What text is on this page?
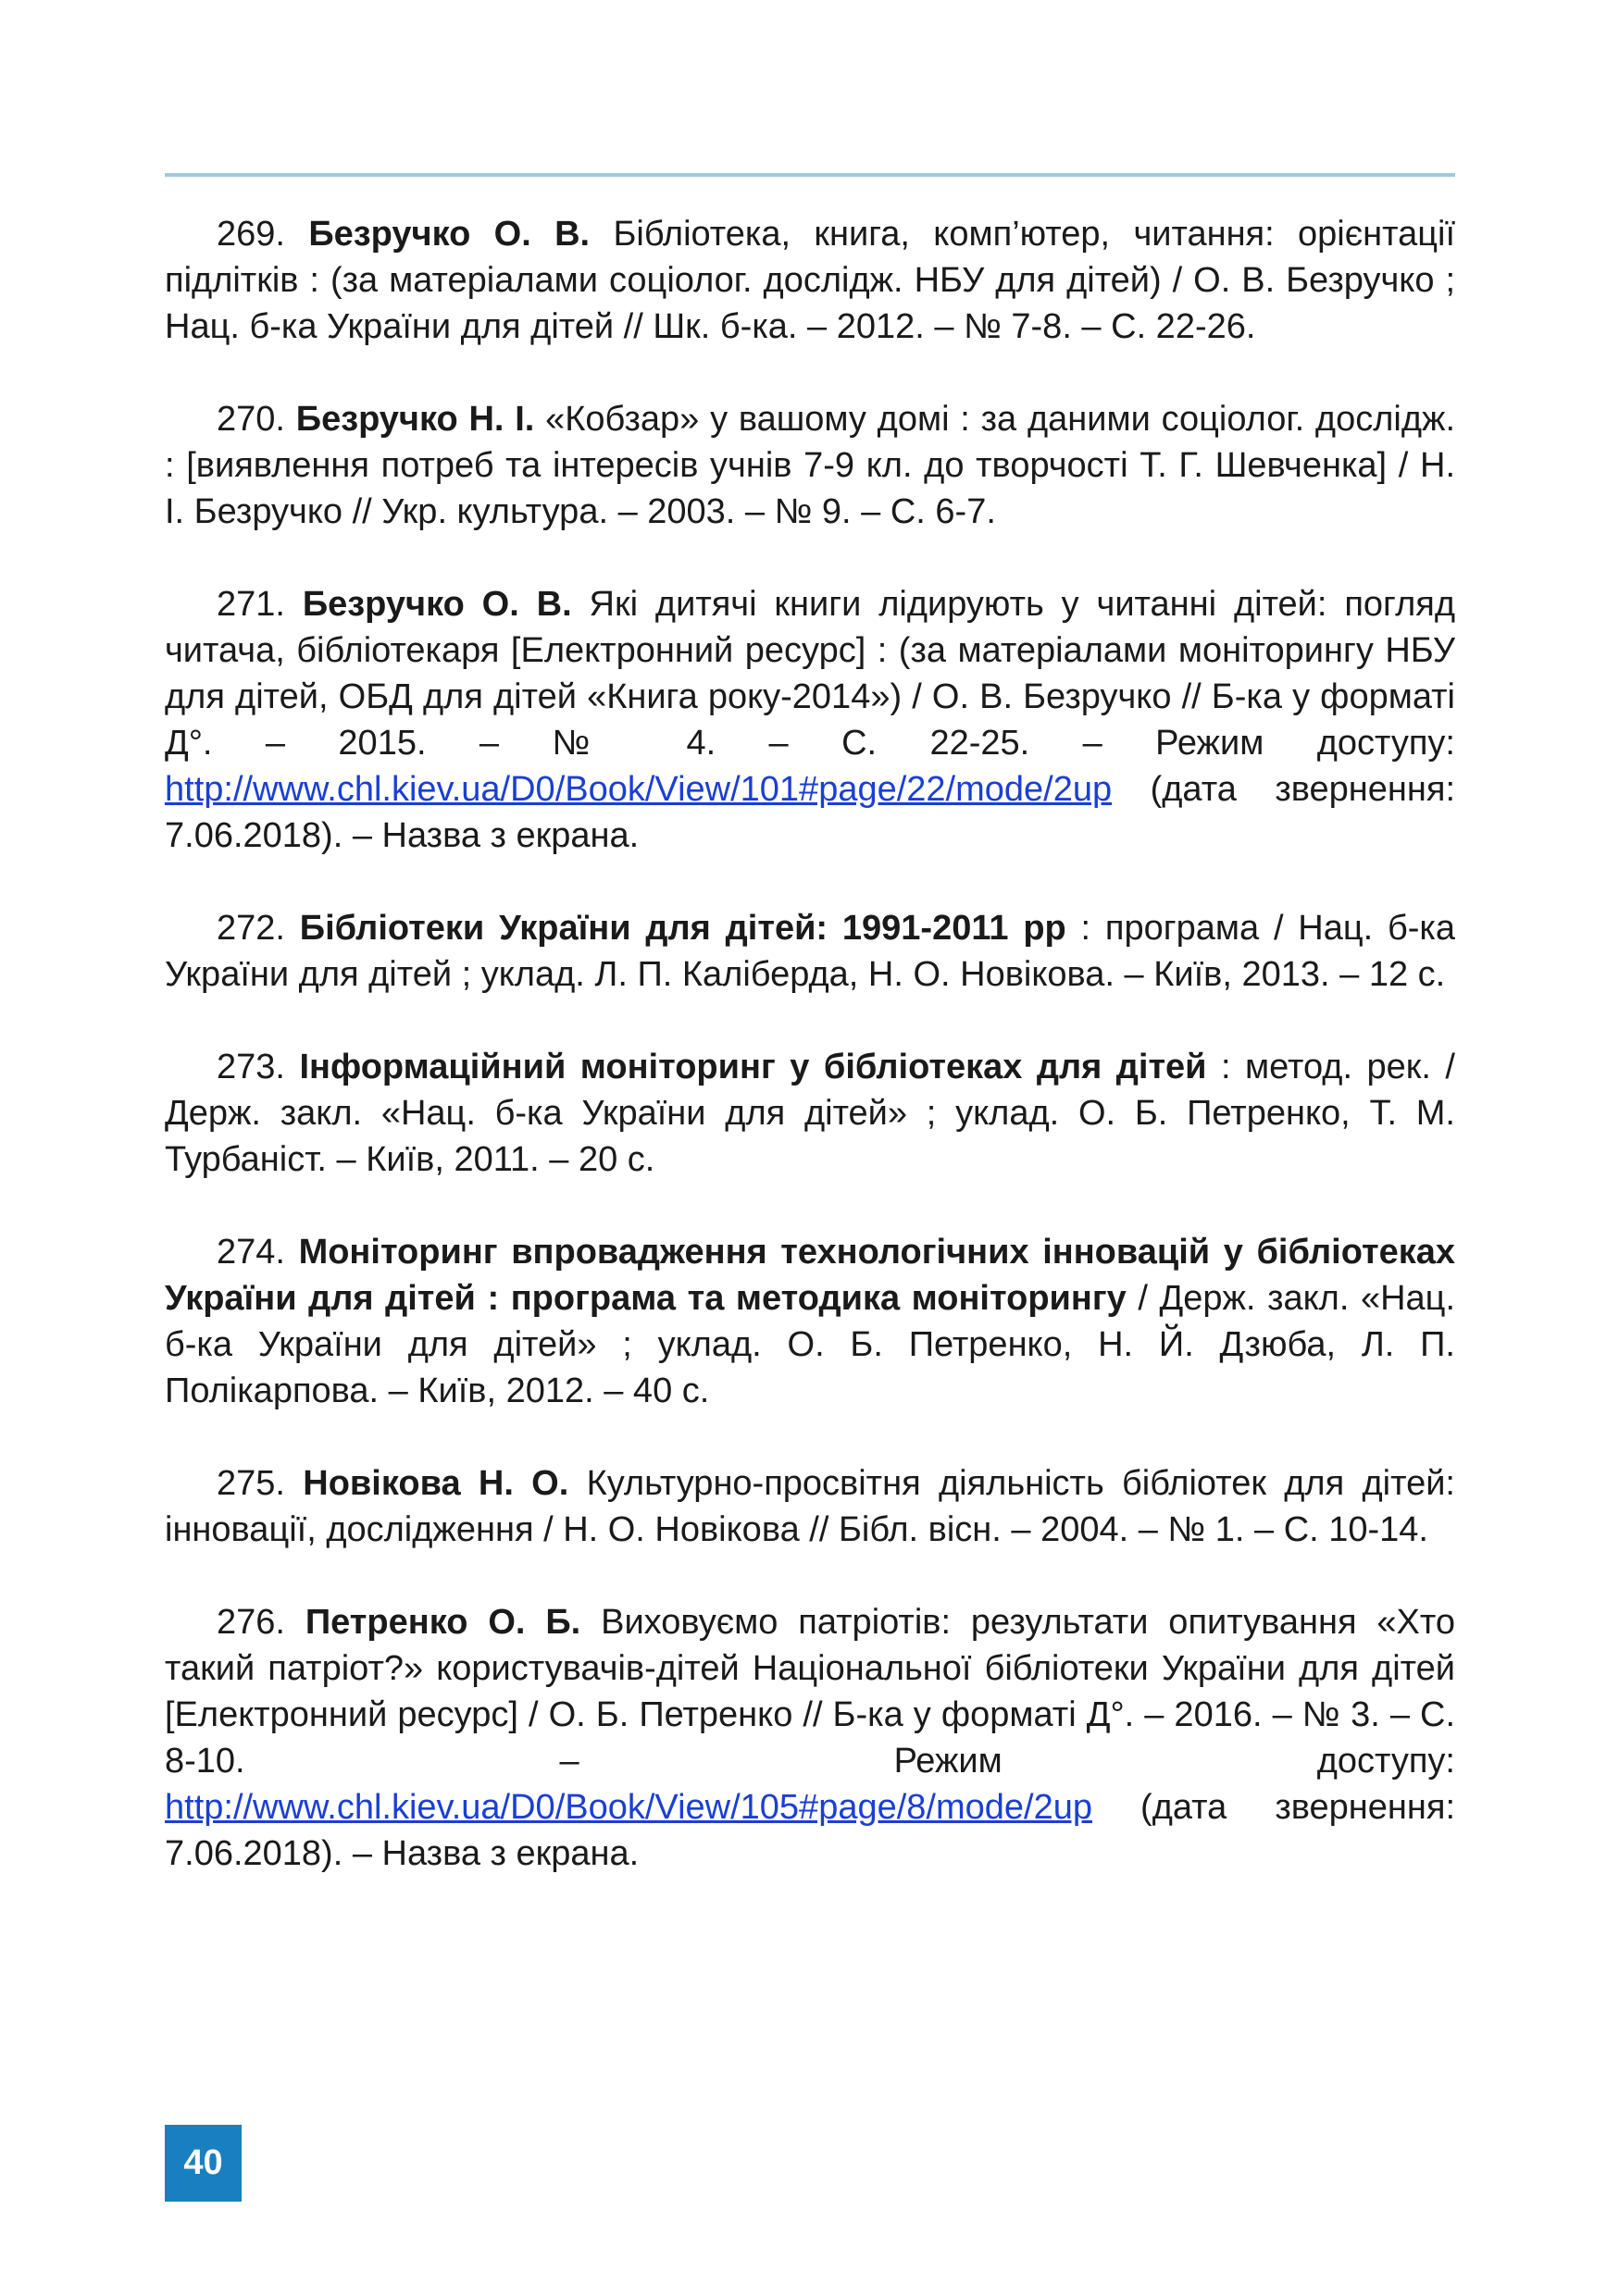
269. Безручко О. В. Бібліотека, книга, комп’ютер, читання: орієнтації підлітків : (за матеріалами соціолог. дослідж. НБУ для дітей) / О. В. Безручко ; Нац. б-ка України для дітей // Шк. б-ка. – 2012. – № 7-8. – С. 22-26.

270. Безручко Н. І. «Кобзар» у вашому домі : за даними соціолог. дослідж. : [виявлення потреб та інтересів учнів 7-9 кл. до творчості Т. Г. Шевченка] / Н. І. Безручко // Укр. культура. – 2003. – № 9. – С. 6-7.

271. Безручко О. В. Які дитячі книги лідирують у читанні дітей: погляд читача, бібліотекаря [Електронний ресурс] : (за матеріалами моніторингу НБУ для дітей, ОБД для дітей «Книга року-2014») / О. В. Безручко // Б-ка у форматі Д°. – 2015. – № 4. – С. 22-25. – Режим доступу: http://www.chl.kiev.ua/D0/Book/View/101#page/22/mode/2up (дата звернення: 7.06.2018). – Назва з екрана.

272. Бібліотеки України для дітей: 1991-2011 рр : програма / Нац. б-ка України для дітей ; уклад. Л. П. Каліберда, Н. О. Новікова. – Київ, 2013. – 12 с.

273. Інформаційний моніторинг у бібліотеках для дітей : метод. рек. / Держ. закл. «Нац. б-ка України для дітей» ; уклад. О. Б. Петренко, Т. М. Турбаніст. – Київ, 2011. – 20 с.

274. Моніторинг впровадження технологічних інновацій у бібліотеках України для дітей : програма та методика моніторингу / Держ. закл. «Нац. б-ка України для дітей» ; уклад. О. Б. Петренко, Н. Й. Дзюба, Л. П. Полікарпова. – Київ, 2012. – 40 с.

275. Новікова Н. О. Культурно-просвітня діяльність бібліотек для дітей: інновації, дослідження / Н. О. Новікова // Бібл. вісн. – 2004. – № 1. – С. 10-14.

276. Петренко О. Б. Виховуємо патріотів: результати опитування «Хто такий патріот?» користувачів-дітей Національної бібліотеки України для дітей [Електронний ресурс] / О. Б. Петренко // Б-ка у форматі Д°. – 2016. – № 3. – С. 8-10. – Режим доступу: http://www.chl.kiev.ua/D0/Book/View/105#page/8/mode/2up (дата звернення: 7.06.2018). – Назва з екрана.

40
